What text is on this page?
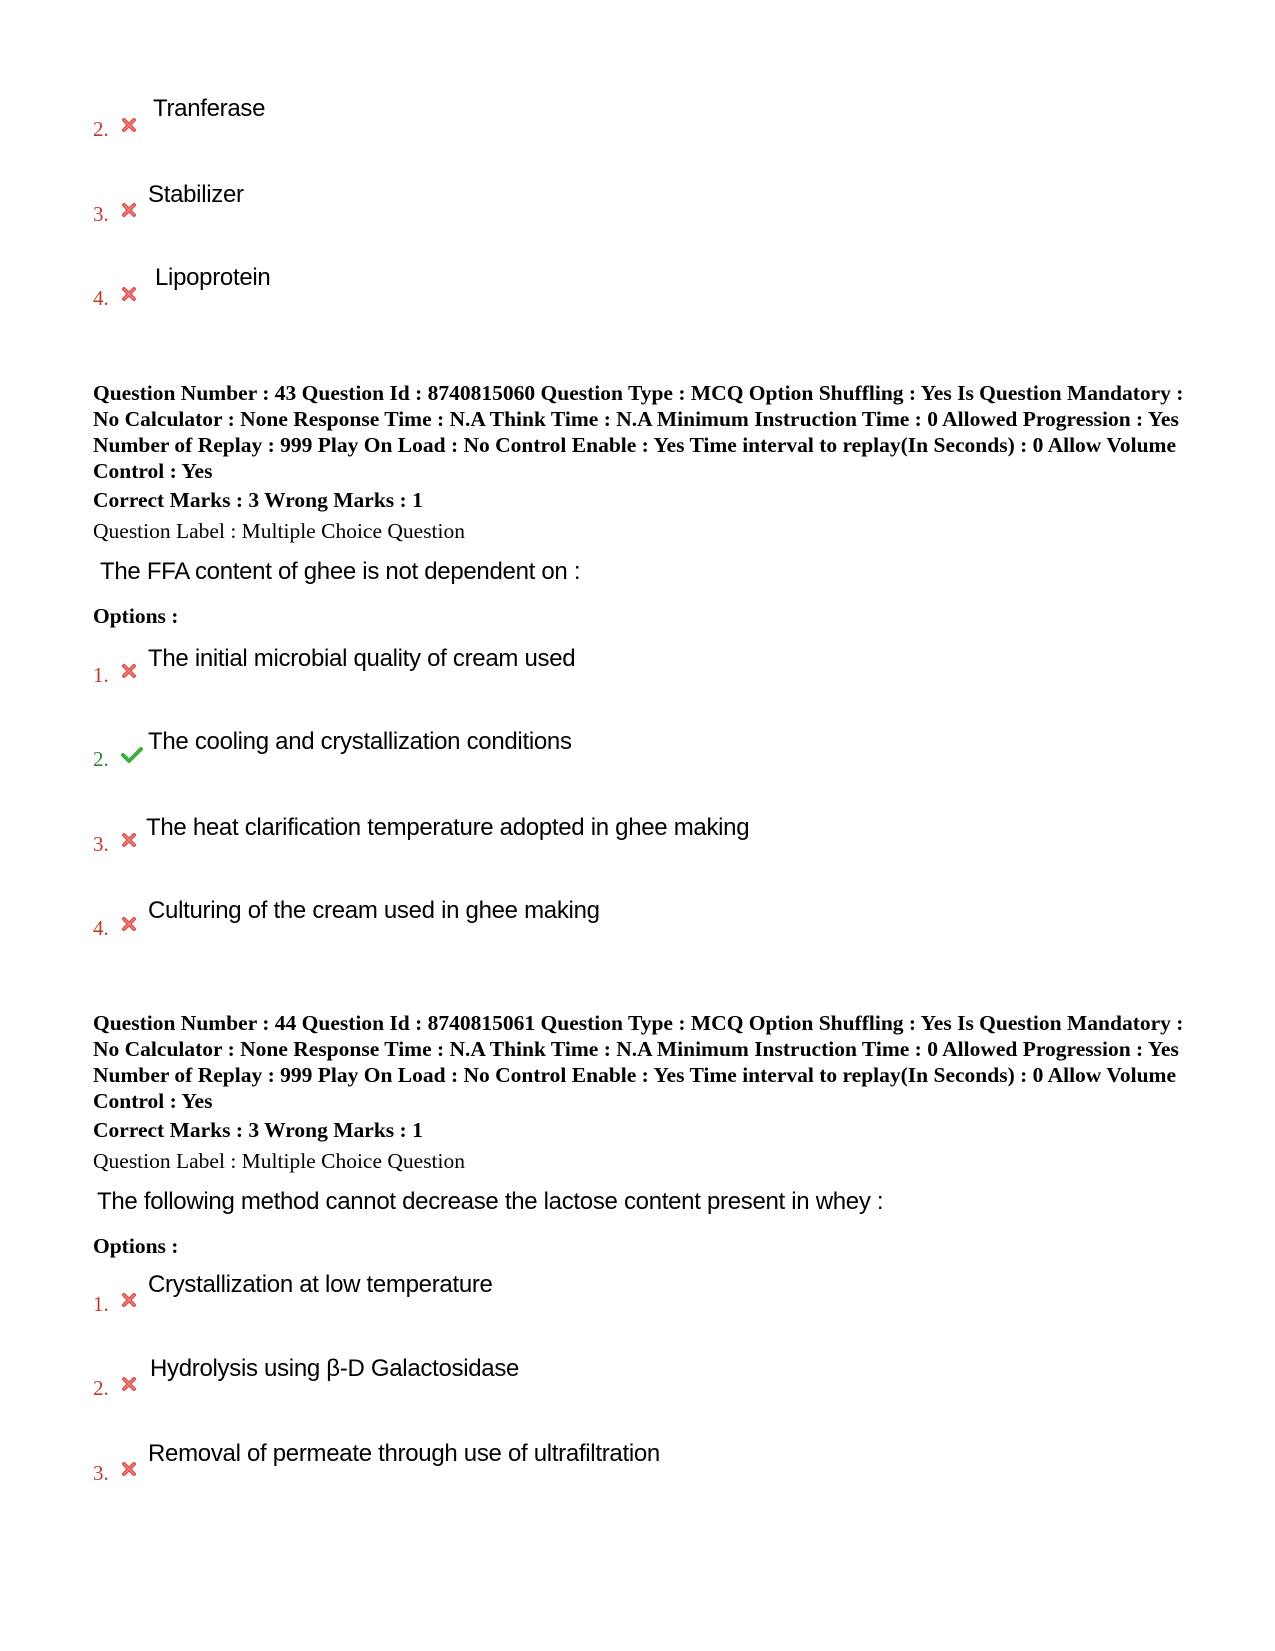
2.
Tranferase
3.
Stabilizer
4.
Lipoprotein

Question Number : 43 Question Id : 8740815060 Question Type : MCQ Option Shuffling : Yes Is Question Mandatory : No Calculator : None Response Time : N.A Think Time : N.A Minimum Instruction Time : 0 Allowed Progression : Yes Number of Replay : 999 Play On Load : No Control Enable : Yes Time interval to replay(In Seconds) : 0 Allow Volume Control : Yes

Correct Marks : 3 Wrong Marks : 1

Question Label : Multiple Choice Question

The FFA content of ghee is not dependent on :

Options :

1.
The initial microbial quality of cream used
2.
The cooling and crystallization conditions
3.
The heat clarification temperature adopted in ghee making
4.
Culturing of the cream used in ghee making

Question Number : 44 Question Id : 8740815061 Question Type : MCQ Option Shuffling : Yes Is Question Mandatory : No Calculator : None Response Time : N.A Think Time : N.A Minimum Instruction Time : 0 Allowed Progression : Yes Number of Replay : 999 Play On Load : No Control Enable : Yes Time interval to replay(In Seconds) : 0 Allow Volume Control : Yes

Correct Marks : 3 Wrong Marks : 1

Question Label : Multiple Choice Question

The following method cannot decrease the lactose content present in whey :

Options :

1.
Crystallization at low temperature
2.
Hydrolysis using β-D Galactosidase
3.
Removal of permeate through use of ultrafiltration
